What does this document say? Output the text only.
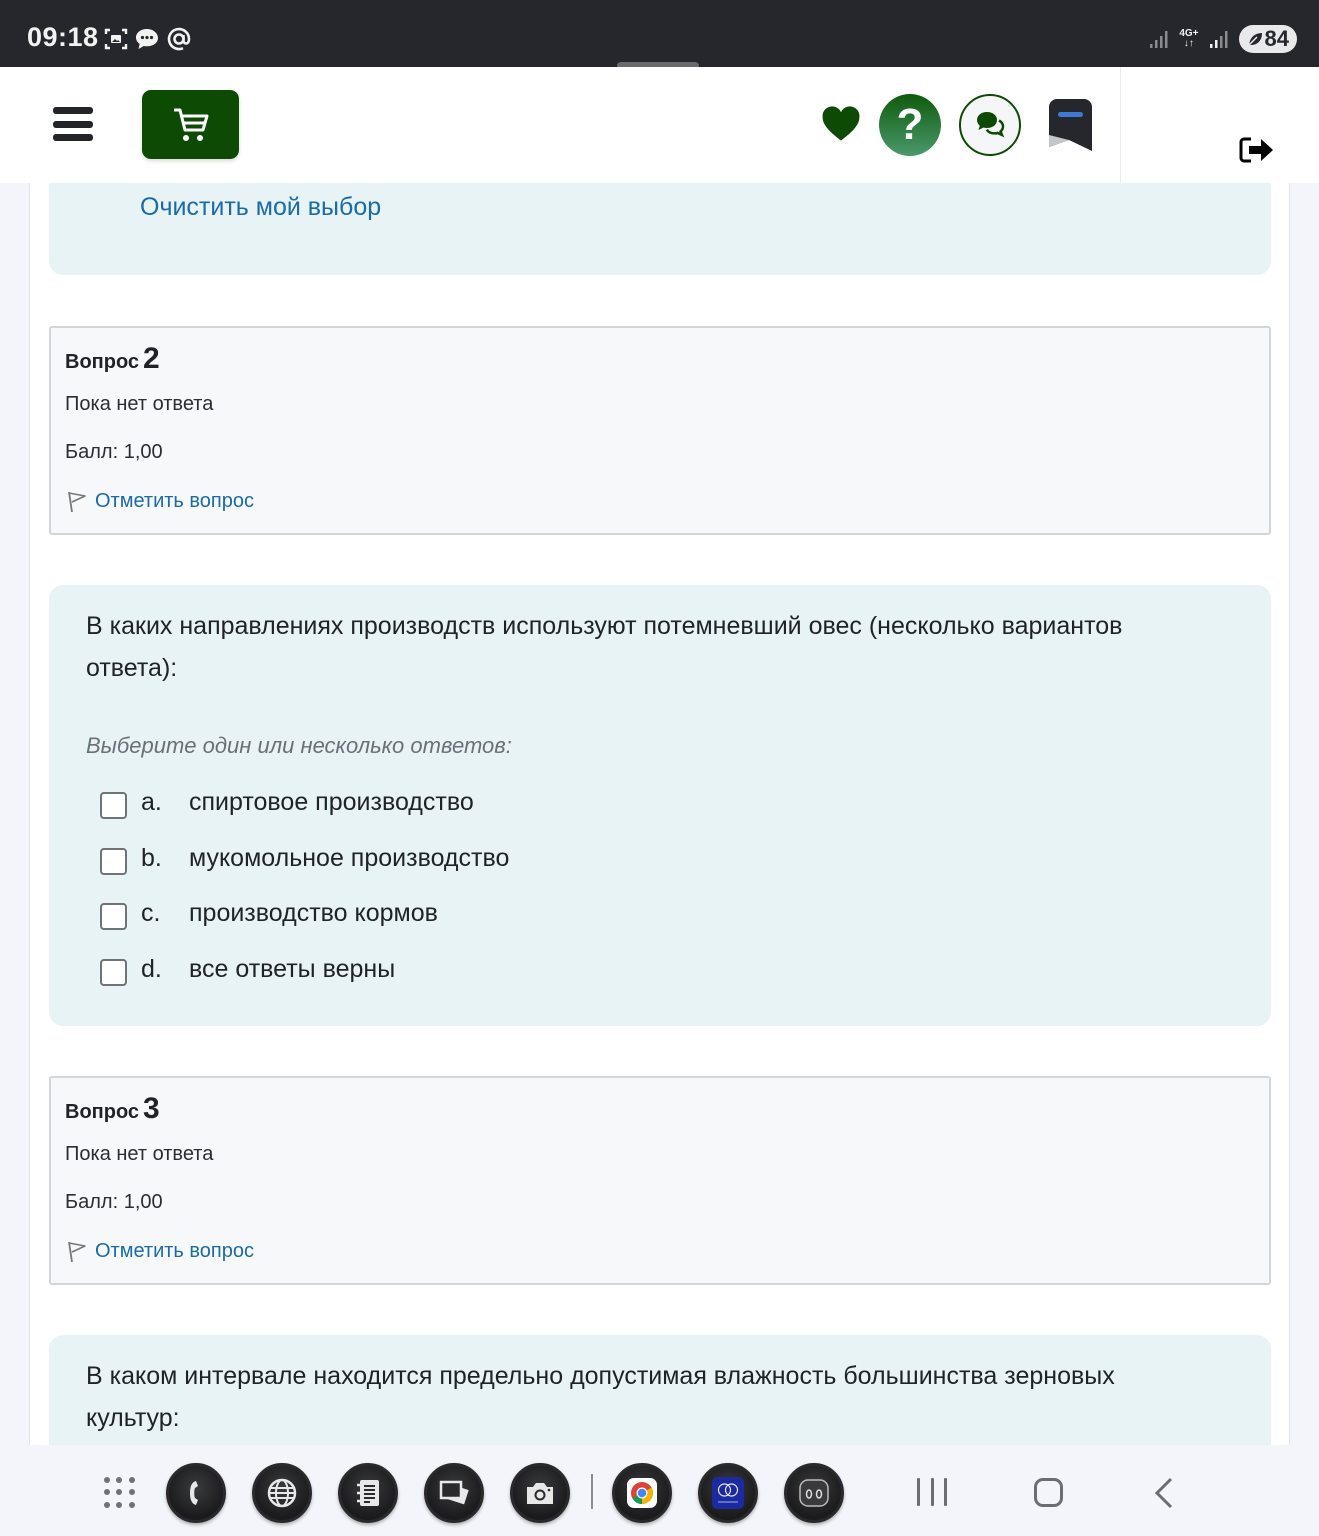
09:18	4G+
↓↑	84
?
Очистить мой выбор
Вопрос 2
Пока нет ответа
Балл: 1,00
Отметить вопрос
В каких направлениях производств используют потемневший овес (несколько вариантов ответа):
Выберите один или несколько ответов:
a.	спиртовое производство
b.	мукомольное производство
c.	производство кормов
d.	все ответы верны
Вопрос 3
Пока нет ответа
Балл: 1,00
Отметить вопрос
В каком интервале находится предельно допустимая влажность большинства зерновых культур:
